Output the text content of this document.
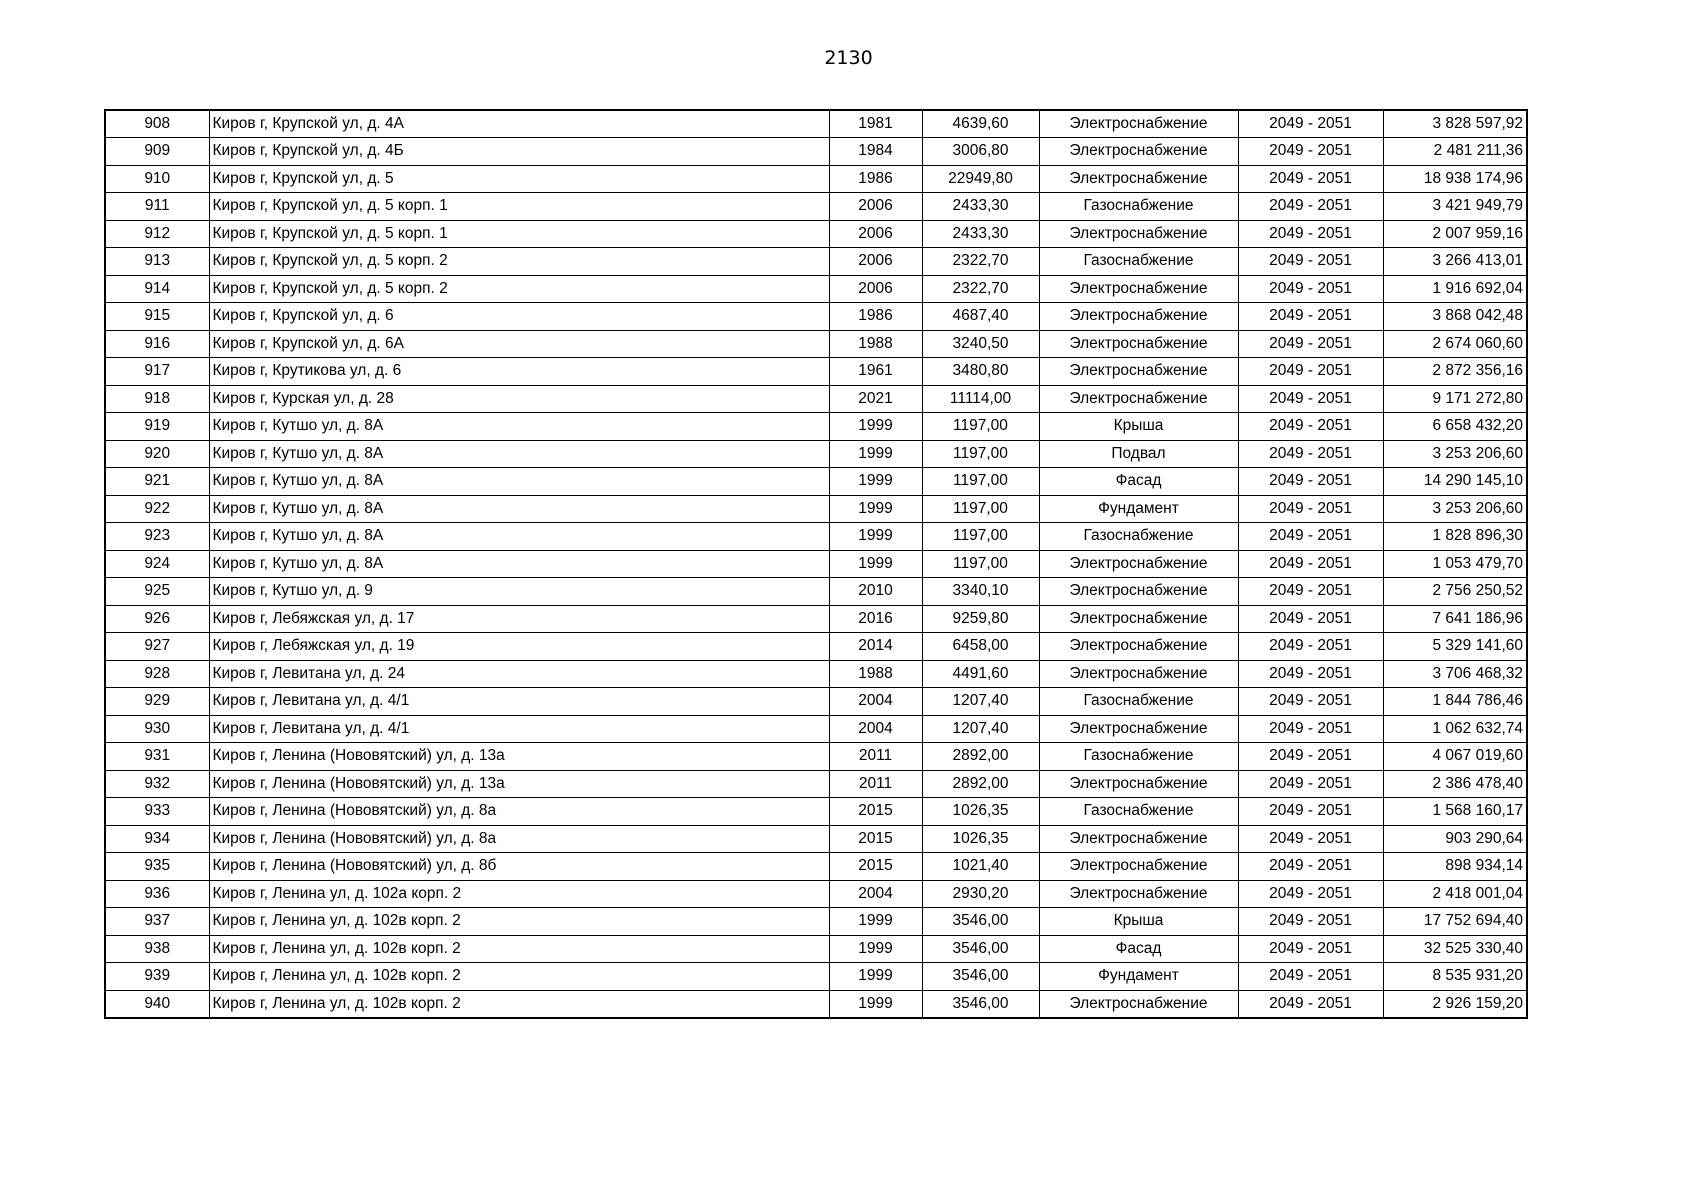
2130
908	Киров г, Крупской ул, д. 4А	1981	4639,60	Электроснабжение	2049 - 2051	3 828 597,92
909	Киров г, Крупской ул, д. 4Б	1984	3006,80	Электроснабжение	2049 - 2051	2 481 211,36
910	Киров г, Крупской ул, д. 5	1986	22949,80	Электроснабжение	2049 - 2051	18 938 174,96
911	Киров г, Крупской ул, д. 5 корп. 1	2006	2433,30	Газоснабжение	2049 - 2051	3 421 949,79
912	Киров г, Крупской ул, д. 5 корп. 1	2006	2433,30	Электроснабжение	2049 - 2051	2 007 959,16
913	Киров г, Крупской ул, д. 5 корп. 2	2006	2322,70	Газоснабжение	2049 - 2051	3 266 413,01
914	Киров г, Крупской ул, д. 5 корп. 2	2006	2322,70	Электроснабжение	2049 - 2051	1 916 692,04
915	Киров г, Крупской ул, д. 6	1986	4687,40	Электроснабжение	2049 - 2051	3 868 042,48
916	Киров г, Крупской ул, д. 6А	1988	3240,50	Электроснабжение	2049 - 2051	2 674 060,60
917	Киров г, Крутикова ул, д. 6	1961	3480,80	Электроснабжение	2049 - 2051	2 872 356,16
918	Киров г, Курская ул, д. 28	2021	11114,00	Электроснабжение	2049 - 2051	9 171 272,80
919	Киров г, Кутшо ул, д. 8А	1999	1197,00	Крыша	2049 - 2051	6 658 432,20
920	Киров г, Кутшо ул, д. 8А	1999	1197,00	Подвал	2049 - 2051	3 253 206,60
921	Киров г, Кутшо ул, д. 8А	1999	1197,00	Фасад	2049 - 2051	14 290 145,10
922	Киров г, Кутшо ул, д. 8А	1999	1197,00	Фундамент	2049 - 2051	3 253 206,60
923	Киров г, Кутшо ул, д. 8А	1999	1197,00	Газоснабжение	2049 - 2051	1 828 896,30
924	Киров г, Кутшо ул, д. 8А	1999	1197,00	Электроснабжение	2049 - 2051	1 053 479,70
925	Киров г, Кутшо ул, д. 9	2010	3340,10	Электроснабжение	2049 - 2051	2 756 250,52
926	Киров г, Лебяжская ул, д. 17	2016	9259,80	Электроснабжение	2049 - 2051	7 641 186,96
927	Киров г, Лебяжская ул, д. 19	2014	6458,00	Электроснабжение	2049 - 2051	5 329 141,60
928	Киров г, Левитана ул, д. 24	1988	4491,60	Электроснабжение	2049 - 2051	3 706 468,32
929	Киров г, Левитана ул, д. 4/1	2004	1207,40	Газоснабжение	2049 - 2051	1 844 786,46
930	Киров г, Левитана ул, д. 4/1	2004	1207,40	Электроснабжение	2049 - 2051	1 062 632,74
931	Киров г, Ленина (Нововятский) ул, д. 13а	2011	2892,00	Газоснабжение	2049 - 2051	4 067 019,60
932	Киров г, Ленина (Нововятский) ул, д. 13а	2011	2892,00	Электроснабжение	2049 - 2051	2 386 478,40
933	Киров г, Ленина (Нововятский) ул, д. 8а	2015	1026,35	Газоснабжение	2049 - 2051	1 568 160,17
934	Киров г, Ленина (Нововятский) ул, д. 8а	2015	1026,35	Электроснабжение	2049 - 2051	903 290,64
935	Киров г, Ленина (Нововятский) ул, д. 8б	2015	1021,40	Электроснабжение	2049 - 2051	898 934,14
936	Киров г, Ленина ул, д. 102а корп. 2	2004	2930,20	Электроснабжение	2049 - 2051	2 418 001,04
937	Киров г, Ленина ул, д. 102в корп. 2	1999	3546,00	Крыша	2049 - 2051	17 752 694,40
938	Киров г, Ленина ул, д. 102в корп. 2	1999	3546,00	Фасад	2049 - 2051	32 525 330,40
939	Киров г, Ленина ул, д. 102в корп. 2	1999	3546,00	Фундамент	2049 - 2051	8 535 931,20
940	Киров г, Ленина ул, д. 102в корп. 2	1999	3546,00	Электроснабжение	2049 - 2051	2 926 159,20
